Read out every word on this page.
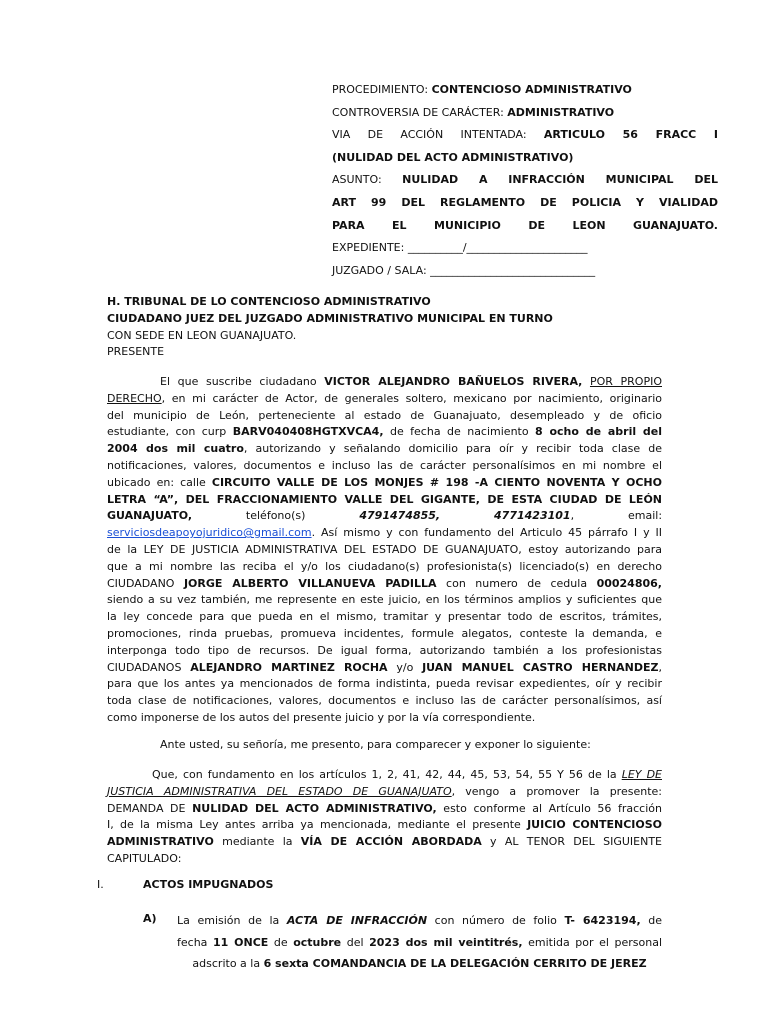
PROCEDIMIENTO: CONTENCIOSO ADMINISTRATIVO
CONTROVERSIA DE CARÁCTER: ADMINISTRATIVO
VIA DE ACCIÓN INTENTADA: ARTICULO 56 FRACC I
(NULIDAD DEL ACTO ADMINISTRATIVO)
ASUNTO: NULIDAD A INFRACCIÓN MUNICIPAL DEL
ART 99 DEL REGLAMENTO DE POLICIA Y VIALIDAD
PARA EL MUNICIPIO DE LEON GUANAJUATO.
EXPEDIENTE: __________/______________________
JUZGADO / SALA: ______________________________
H. TRIBUNAL DE LO CONTENCIOSO ADMINISTRATIVO
CIUDADANO JUEZ DEL JUZGADO ADMINISTRATIVO MUNICIPAL EN TURNO
CON SEDE EN LEON GUANAJUATO.
PRESENTE
El que suscribe ciudadano VICTOR ALEJANDRO BAÑUELOS RIVERA, POR PROPIO
DERECHO, en mi carácter de Actor, de generales soltero, mexicano por nacimiento, originario
del municipio de León, perteneciente al estado de Guanajuato, desempleado y de oficio
estudiante, con curp BARV040408HGTXVCA4, de fecha de nacimiento 8 ocho de abril del
2004 dos mil cuatro, autorizando y señalando domicilio para oír y recibir toda clase de
notificaciones, valores, documentos e incluso las de carácter personalísimos en mi nombre el
ubicado en: calle CIRCUITO VALLE DE LOS MONJES # 198 -A CIENTO NOVENTA Y OCHO
LETRA “A”, DEL FRACCIONAMIENTO VALLE DEL GIGANTE, DE ESTA CIUDAD DE LEÓN
GUANAJUATO,	teléfono(s)	4791474855,	4771423101,	email:
serviciosdeapoyojuridico@gmail.com. Así mismo y con fundamento del Articulo 45 párrafo I y II
de la LEY DE JUSTICIA ADMINISTRATIVA DEL ESTADO DE GUANAJUATO, estoy autorizando para
que a mi nombre las reciba el y/o los ciudadano(s) profesionista(s) licenciado(s) en derecho
CIUDADANO JORGE ALBERTO VILLANUEVA PADILLA con numero de cedula 00024806,
siendo a su vez también, me represente en este juicio, en los términos amplios y suficientes que
la ley concede para que pueda en el mismo, tramitar y presentar todo de escritos, trámites,
promociones, rinda pruebas, promueva incidentes, formule alegatos, conteste la demanda, e
interponga todo tipo de recursos. De igual forma, autorizando también a los profesionistas
CIUDADANOS ALEJANDRO MARTINEZ ROCHA y/o JUAN MANUEL CASTRO HERNANDEZ,
para que los antes ya mencionados de forma indistinta, pueda revisar expedientes, oír y recibir
toda clase de notificaciones, valores, documentos e incluso las de carácter personalísimos, así
como imponerse de los autos del presente juicio y por la vía correspondiente.
Ante usted, su señoría, me presento, para comparecer y exponer lo siguiente:
Que, con fundamento en los artículos 1, 2, 41, 42, 44, 45, 53, 54, 55 Y 56 de la LEY DE
JUSTICIA ADMINISTRATIVA DEL ESTADO DE GUANAJUATO, vengo a promover la presente:
DEMANDA DE NULIDAD DEL ACTO ADMINISTRATIVO, esto conforme al Artículo 56 fracción
I, de la misma Ley antes arriba ya mencionada, mediante el presente JUICIO CONTENCIOSO
ADMINISTRATIVO mediante la VÍA DE ACCIÓN ABORDADA y AL TENOR DEL SIGUIENTE
CAPITULADO:
I.	ACTOS IMPUGNADOS
A) La emisión de la ACTA DE INFRACCIÓN con número de folio T- 6423194, de
fecha 11 ONCE de octubre del 2023 dos mil veintitrés, emitida por el personal
adscrito a la 6 sexta COMANDANCIA DE LA DELEGACIÓN CERRITO DE JEREZ
